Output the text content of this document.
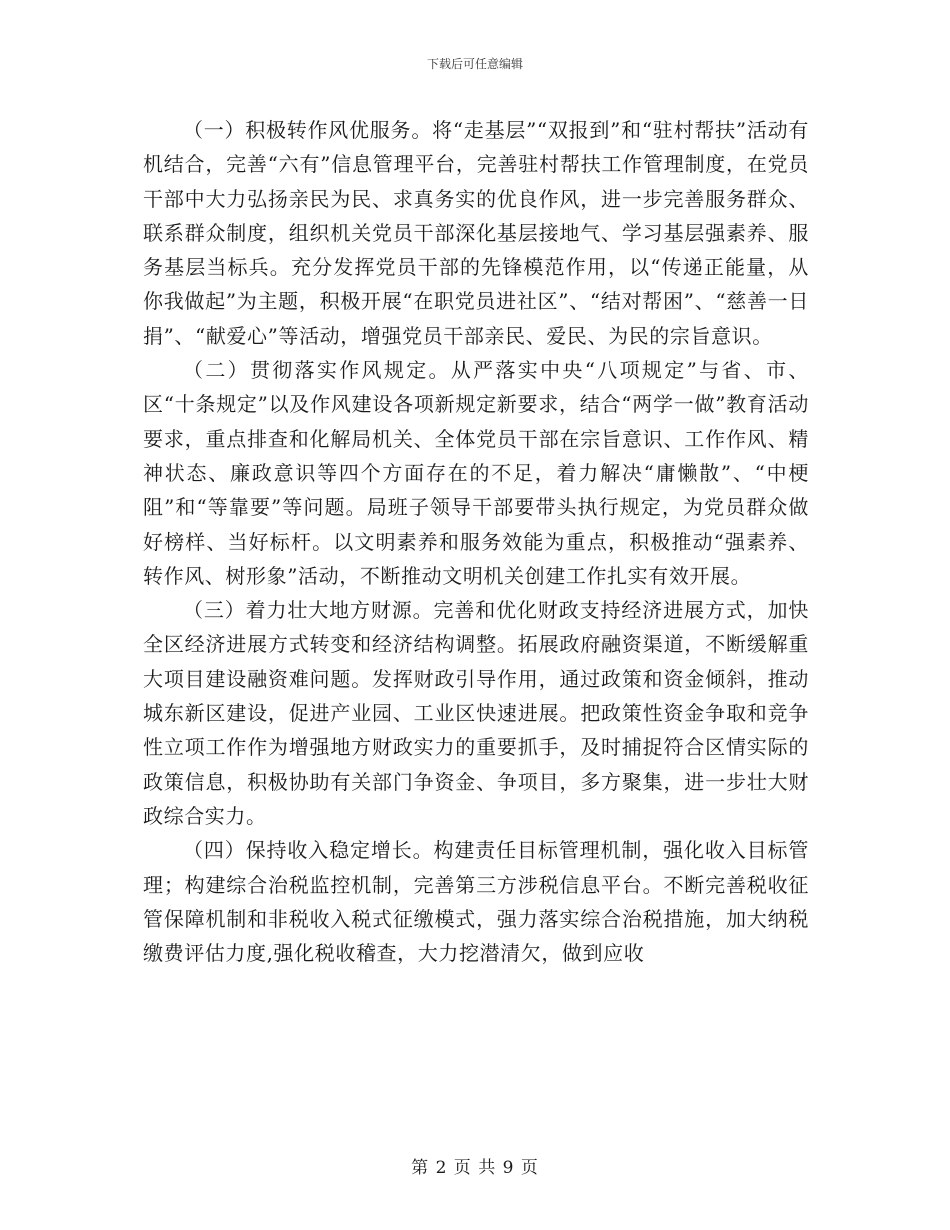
下载后可任意编辑

（一）积极转作风优服务。将“走基层”“双报到”和“驻村帮扶”活动有机结合，完善“六有”信息管理平台，完善驻村帮扶工作管理制度，在党员干部中大力弘扬亲民为民、求真务实的优良作风，进一步完善服务群众、联系群众制度，组织机关党员干部深化基层接地气、学习基层强素养、服务基层当标兵。充分发挥党员干部的先锋模范作用，以“传递正能量，从你我做起”为主题，积极开展“在职党员进社区”、“结对帮困”、“慈善一日捐”、“献爱心”等活动，增强党员干部亲民、爱民、为民的宗旨意识。

（二）贯彻落实作风规定。从严落实中央“八项规定”与省、市、区“十条规定”以及作风建设各项新规定新要求，结合“两学一做”教育活动要求，重点排查和化解局机关、全体党员干部在宗旨意识、工作作风、精神状态、廉政意识等四个方面存在的不足，着力解决“庸懒散”、“中梗阻”和“等靠要”等问题。局班子领导干部要带头执行规定，为党员群众做好榜样、当好标杆。以文明素养和服务效能为重点，积极推动“强素养、转作风、树形象”活动，不断推动文明机关创建工作扎实有效开展。

（三）着力壮大地方财源。完善和优化财政支持经济进展方式，加快全区经济进展方式转变和经济结构调整。拓展政府融资渠道，不断缓解重大项目建设融资难问题。发挥财政引导作用，通过政策和资金倾斜，推动城东新区建设，促进产业园、工业区快速进展。把政策性资金争取和竞争性立项工作作为增强地方财政实力的重要抓手，及时捕捉符合区情实际的政策信息，积极协助有关部门争资金、争项目，多方聚集，进一步壮大财政综合实力。

（四）保持收入稳定增长。构建责任目标管理机制，强化收入目标管理；构建综合治税监控机制，完善第三方涉税信息平台。不断完善税收征管保障机制和非税收入税式征缴模式，强力落实综合治税措施，加大纳税缴费评估力度,强化税收稽查，大力挖潜清欠，做到应收

第 2 页 共 9 页
